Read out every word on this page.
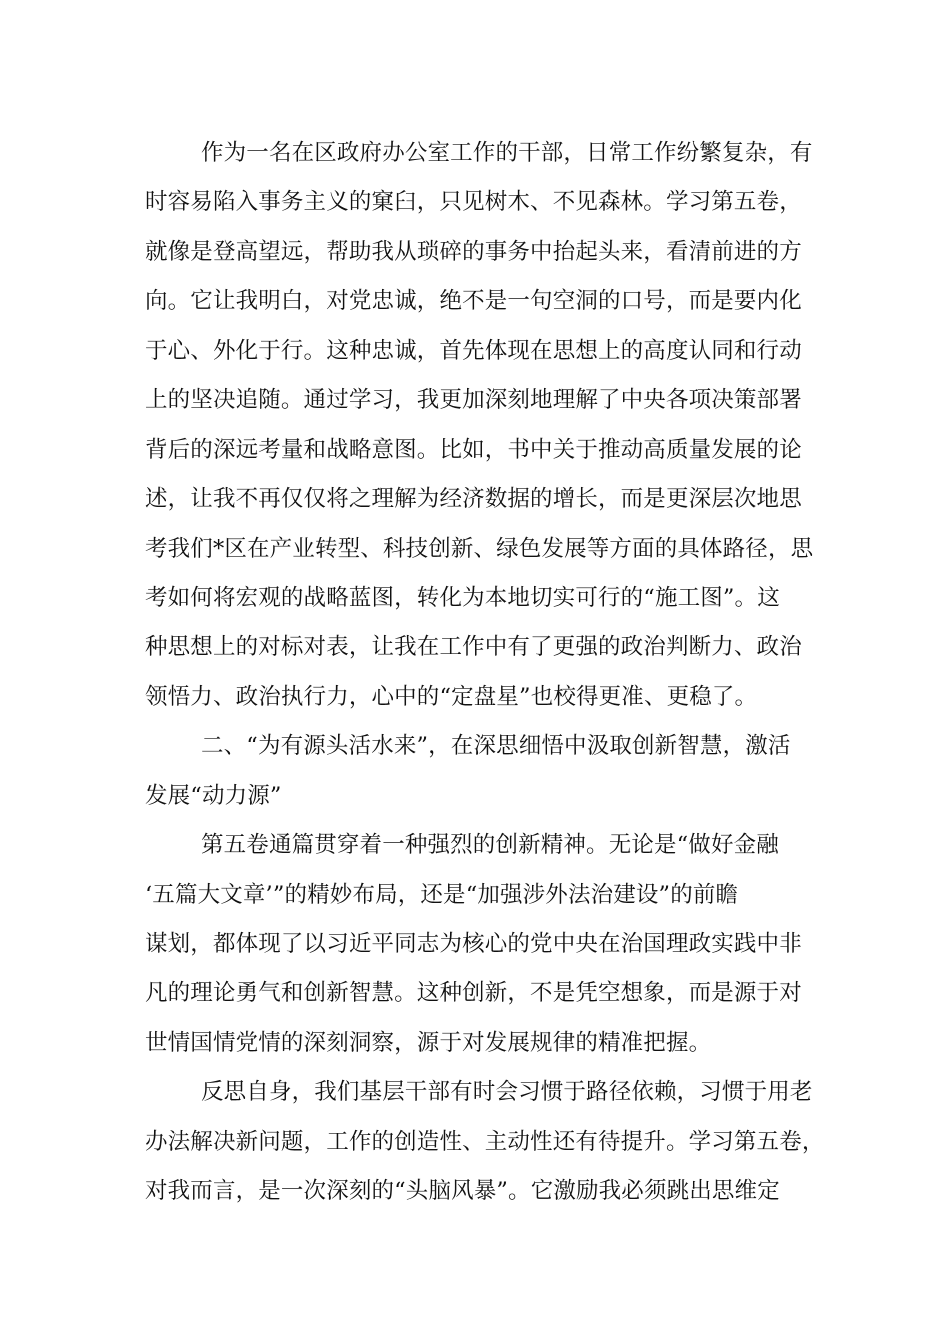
作为一名在区政府办公室工作的干部，日常工作纷繁复杂，有
时容易陷入事务主义的窠臼，只见树木、不见森林。学习第五卷，
就像是登高望远，帮助我从琐碎的事务中抬起头来，看清前进的方
向。它让我明白，对党忠诚，绝不是一句空洞的口号，而是要内化
于心、外化于行。这种忠诚，首先体现在思想上的高度认同和行动
上的坚决追随。通过学习，我更加深刻地理解了中央各项决策部署
背后的深远考量和战略意图。比如，书中关于推动高质量发展的论
述，让我不再仅仅将之理解为经济数据的增长，而是更深层次地思
考我们*区在产业转型、科技创新、绿色发展等方面的具体路径，思
考如何将宏观的战略蓝图，转化为本地切实可行的“施工图”。这
种思想上的对标对表，让我在工作中有了更强的政治判断力、政治
领悟力、政治执行力，心中的“定盘星”也校得更准、更稳了。
二、“为有源头活水来”，在深思细悟中汲取创新智慧，激活
发展“动力源”
第五卷通篇贯穿着一种强烈的创新精神。无论是“做好金融
‘五篇大文章’”的精妙布局，还是“加强涉外法治建设”的前瞻
谋划，都体现了以习近平同志为核心的党中央在治国理政实践中非
凡的理论勇气和创新智慧。这种创新，不是凭空想象，而是源于对
世情国情党情的深刻洞察，源于对发展规律的精准把握。
反思自身，我们基层干部有时会习惯于路径依赖，习惯于用老
办法解决新问题，工作的创造性、主动性还有待提升。学习第五卷，
对我而言，是一次深刻的“头脑风暴”。它激励我必须跳出思维定
